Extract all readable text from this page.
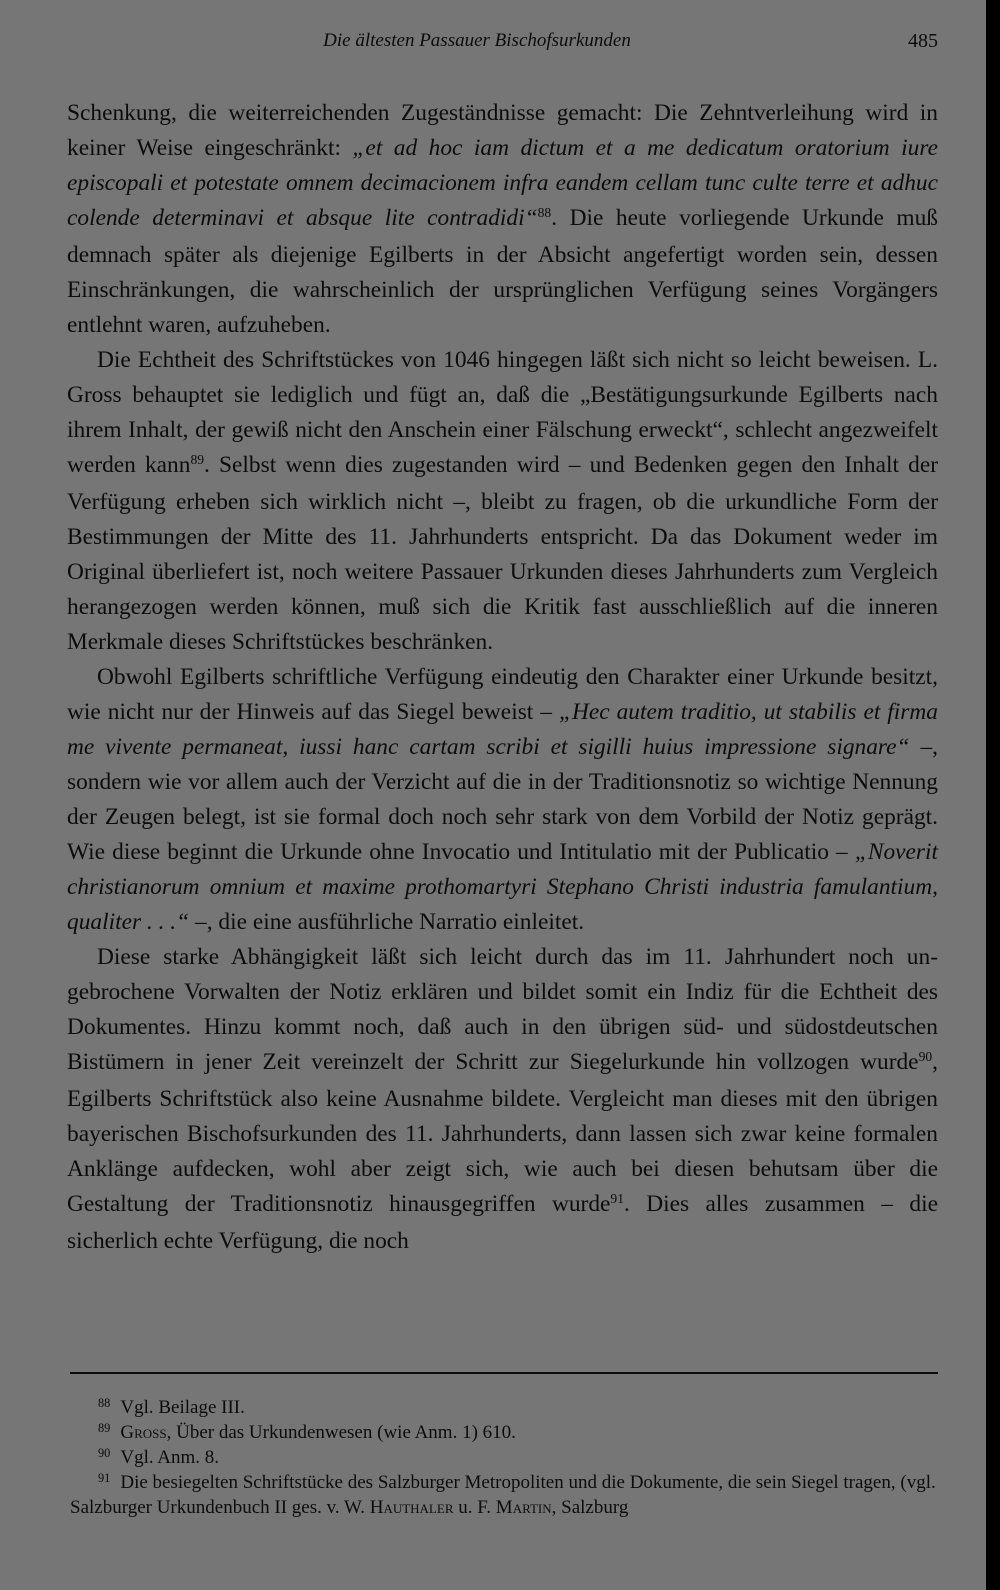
Die ältesten Passauer Bischofsurkunden	485

Schenkung, die weiterreichenden Zugeständnisse gemacht: Die Zehntverleihung wird in keiner Weise eingeschränkt: „et ad hoc iam dictum et a me dedicatum oratorium iure episcopali et potestate omnem decimacionem infra eandem cellam tunc culte terre et adhuc colende determinavi et absque lite contradidi“$^{88}$. Die heute vorliegende Urkunde muß demnach später als diejenige Egilberts in der Absicht angefertigt worden sein, dessen Einschränkungen, die wahrscheinlich der ursprünglichen Verfügung seines Vorgängers entlehnt waren, aufzuheben.

Die Echtheit des Schriftstückes von 1046 hingegen läßt sich nicht so leicht beweisen. L. Gross behauptet sie lediglich und fügt an, daß die „Bestätigungsurkunde Egilberts nach ihrem Inhalt, der gewiß nicht den Anschein einer Fälschung erweckt“, schlecht angezweifelt werden kann$^{89}$. Selbst wenn dies zugestanden wird – und Bedenken gegen den Inhalt der Verfügung erheben sich wirklich nicht –, bleibt zu fragen, ob die urkundliche Form der Bestimmungen der Mitte des 11. Jahrhunderts entspricht. Da das Dokument weder im Original überliefert ist, noch weitere Passauer Urkunden dieses Jahrhunderts zum Vergleich herangezogen werden können, muß sich die Kritik fast ausschließlich auf die inneren Merkmale dieses Schriftstückes beschränken.

Obwohl Egilberts schriftliche Verfügung eindeutig den Charakter einer Urkunde besitzt, wie nicht nur der Hinweis auf das Siegel beweist – „Hec autem traditio, ut stabilis et firma me vivente permaneat, iussi hanc cartam scribi et sigilli huius impressione signare“ –, sondern wie vor allem auch der Verzicht auf die in der Traditionsnotiz so wichtige Nennung der Zeugen belegt, ist sie formal doch noch sehr stark von dem Vorbild der Notiz geprägt. Wie diese beginnt die Urkunde ohne Invocatio und Intitulatio mit der Publicatio – „Noverit christianorum omnium et maxime prothomartyri Stephano Christi industria famulantium, qualiter . . .“ –, die eine ausführliche Narratio einleitet.

Diese starke Abhängigkeit läßt sich leicht durch das im 11. Jahrhundert noch ungebrochene Vorwalten der Notiz erklären und bildet somit ein Indiz für die Echtheit des Dokumentes. Hinzu kommt noch, daß auch in den übrigen süd- und südostdeutschen Bistümern in jener Zeit vereinzelt der Schritt zur Siegelurkunde hin vollzogen wurde$^{90}$, Egilberts Schriftstück also keine Ausnahme bildete. Vergleicht man dieses mit den übrigen bayerischen Bischofsurkunden des 11. Jahrhunderts, dann lassen sich zwar keine formalen Anklänge aufdecken, wohl aber zeigt sich, wie auch bei diesen behutsam über die Gestaltung der Traditionsnotiz hinausgegriffen wurde$^{91}$. Dies alles zusammen – die sicherlich echte Verfügung, die noch

$^{88}$ Vgl. Beilage III.

$^{89}$ Gross, Über das Urkundenwesen (wie Anm. 1) 610.

$^{90}$ Vgl. Anm. 8.

$^{91}$ Die besiegelten Schriftstücke des Salzburger Metropoliten und die Dokumente, die sein Siegel tragen, (vgl. Salzburger Urkundenbuch II ges. v. W. Hauthaler u. F. Martin, Salzburg
